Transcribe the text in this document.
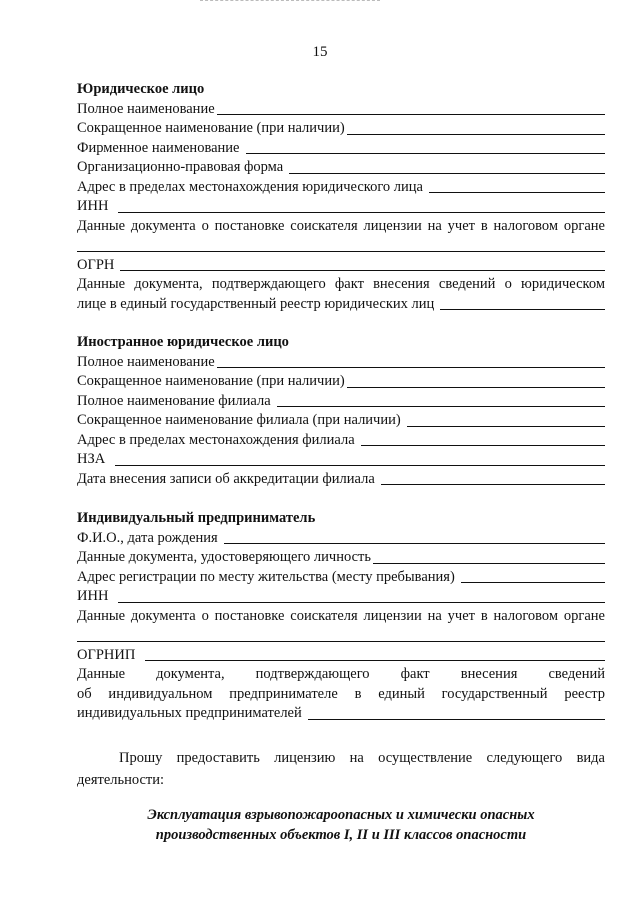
15
Юридическое лицо
Полное наименование
Сокращенное наименование (при наличии)
Фирменное наименование
Организационно-правовая форма
Адрес в пределах местонахождения юридического лица
ИНН
Данные документа о постановке соискателя лицензии на учет в налоговом органе
ОГРН
Данные документа, подтверждающего факт внесения сведений о юридическом
лице в единый государственный реестр юридических лиц
Иностранное юридическое лицо
Полное наименование
Сокращенное наименование (при наличии)
Полное наименование филиала
Сокращенное наименование филиала (при наличии)
Адрес в пределах местонахождения филиала
НЗА
Дата внесения записи об аккредитации филиала
Индивидуальный предприниматель
Ф.И.О., дата рождения
Данные документа, удостоверяющего личность
Адрес регистрации по месту жительства (месту пребывания)
ИНН
Данные документа о постановке соискателя лицензии на учет в налоговом органе
ОГРНИП
Данные документа, подтверждающего факт внесения сведений
об индивидуальном предпринимателе в единый государственный реестр
индивидуальных предпринимателей
Прошу предоставить лицензию на осуществление следующего вида
деятельности:
Эксплуатация взрывопожароопасных и химически опасных
производственных объектов I, II и III классов опасности
